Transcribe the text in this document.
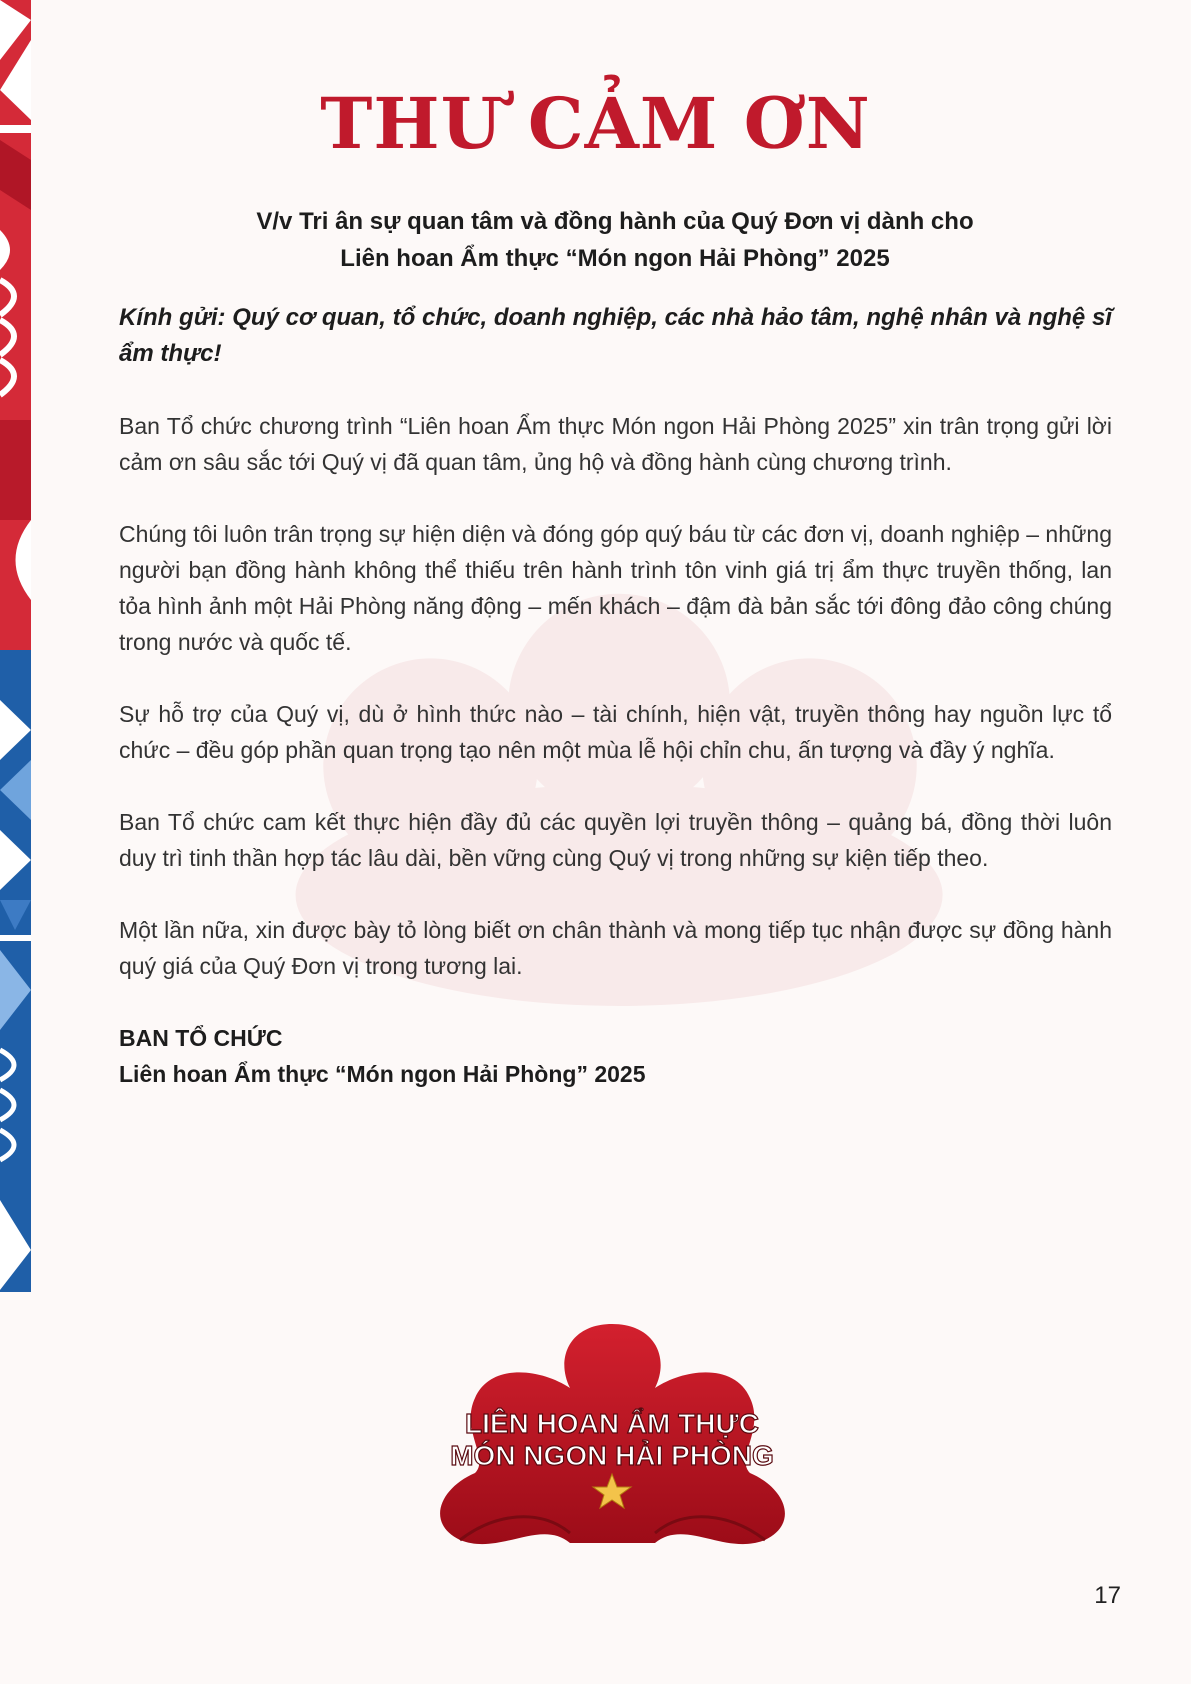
THƯ CẢM ƠN
V/v Tri ân sự quan tâm và đồng hành của Quý Đơn vị dành cho
Liên hoan Ẩm thực “Món ngon Hải Phòng” 2025

Kính gửi: Quý cơ quan, tổ chức, doanh nghiệp, các nhà hảo tâm, nghệ nhân và nghệ sĩ ẩm thực!

Ban Tổ chức chương trình “Liên hoan Ẩm thực Món ngon Hải Phòng 2025” xin trân trọng gửi lời cảm ơn sâu sắc tới Quý vị đã quan tâm, ủng hộ và đồng hành cùng chương trình.

Chúng tôi luôn trân trọng sự hiện diện và đóng góp quý báu từ các đơn vị, doanh nghiệp – những người bạn đồng hành không thể thiếu trên hành trình tôn vinh giá trị ẩm thực truyền thống, lan tỏa hình ảnh một Hải Phòng năng động – mến khách – đậm đà bản sắc tới đông đảo công chúng trong nước và quốc tế.

Sự hỗ trợ của Quý vị, dù ở hình thức nào – tài chính, hiện vật, truyền thông hay nguồn lực tổ chức – đều góp phần quan trọng tạo nên một mùa lễ hội chỉn chu, ấn tượng và đầy ý nghĩa.

Ban Tổ chức cam kết thực hiện đầy đủ các quyền lợi truyền thông – quảng bá, đồng thời luôn duy trì tinh thần hợp tác lâu dài, bền vững cùng Quý vị trong những sự kiện tiếp theo.

Một lần nữa, xin được bày tỏ lòng biết ơn chân thành và mong tiếp tục nhận được sự đồng hành quý giá của Quý Đơn vị trong tương lai.

BAN TỔ CHỨC
Liên hoan Ẩm thực “Món ngon Hải Phòng” 2025
LIÊN HOAN ẨM THỰC
MÓN NGON HẢI PHÒNG
17
